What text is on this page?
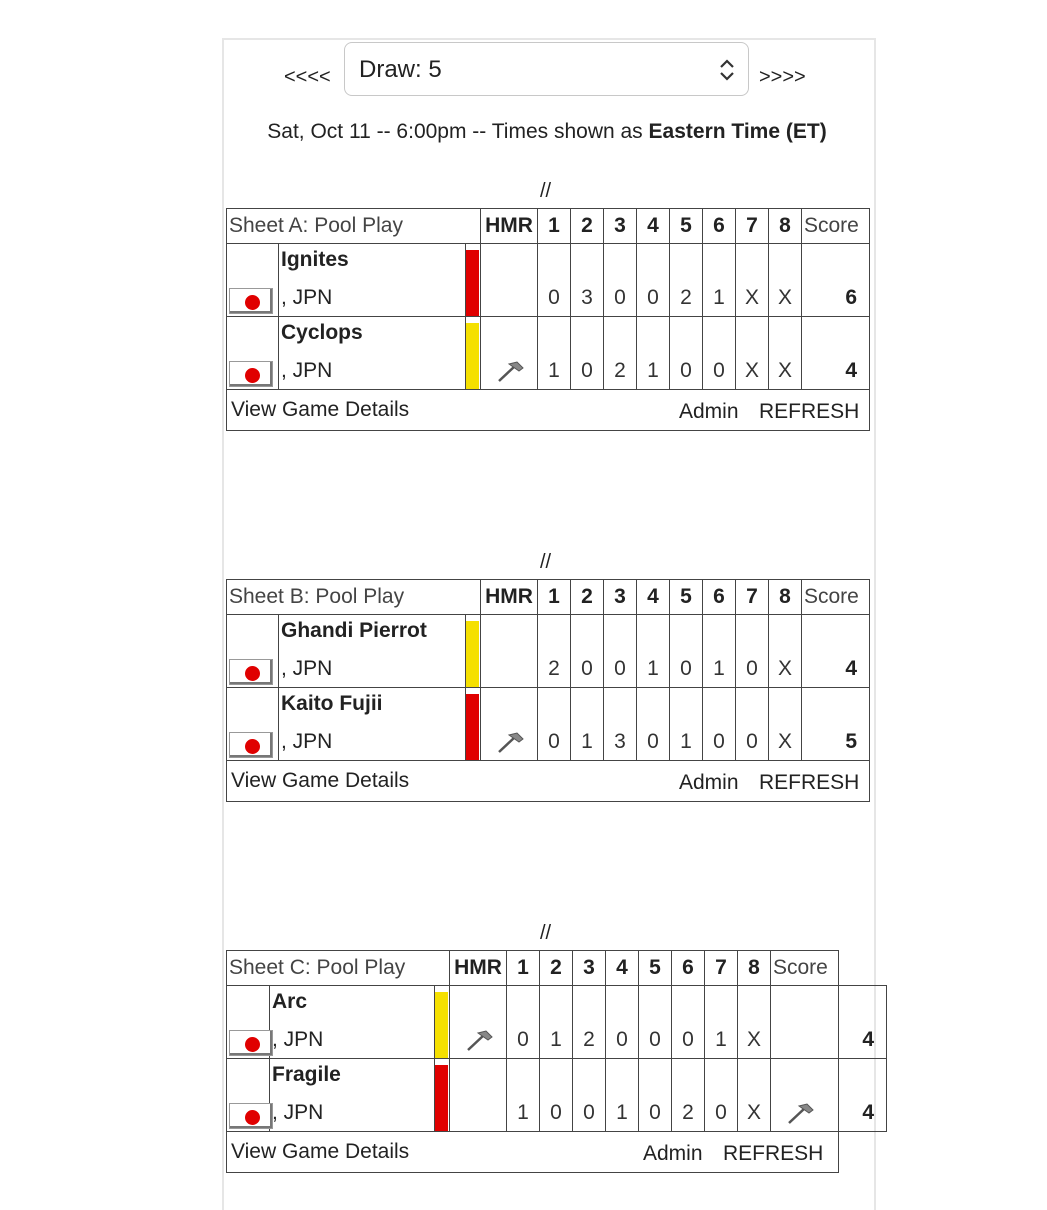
<<<<	Draw: 5	>>>>
Sat, Oct 11 -- 6:00pm -- Times shown as Eastern Time (ET)
//
Sheet A: Pool Play			HMR	1	2	3	4	5	6	7	8	Score

	Ignites
, JPN			0	3	0	0	2	1	X	X	6

	Cyclops
, JPN			1	0	2	1	0	0	X	X	4

View Game Details Admin REFRESH												
//
Sheet B: Pool Play			HMR	1	2	3	4	5	6	7	8	Score

	Ghandi Pierrot
, JPN			2	0	0	1	0	1	0	X	4

	Kaito Fujii
, JPN			0	1	3	0	1	0	0	X	5

View Game Details Admin REFRESH												
//
Sheet C: Pool Play			HMR	1	2	3	4	5	6	7	8	Score	

	Arc
, JPN			0	1	2	0	0	0	1	X		4

	Fragile
, JPN			1	0	0	1	0	2	0	X		4

View Game Details Admin REFRESH													
